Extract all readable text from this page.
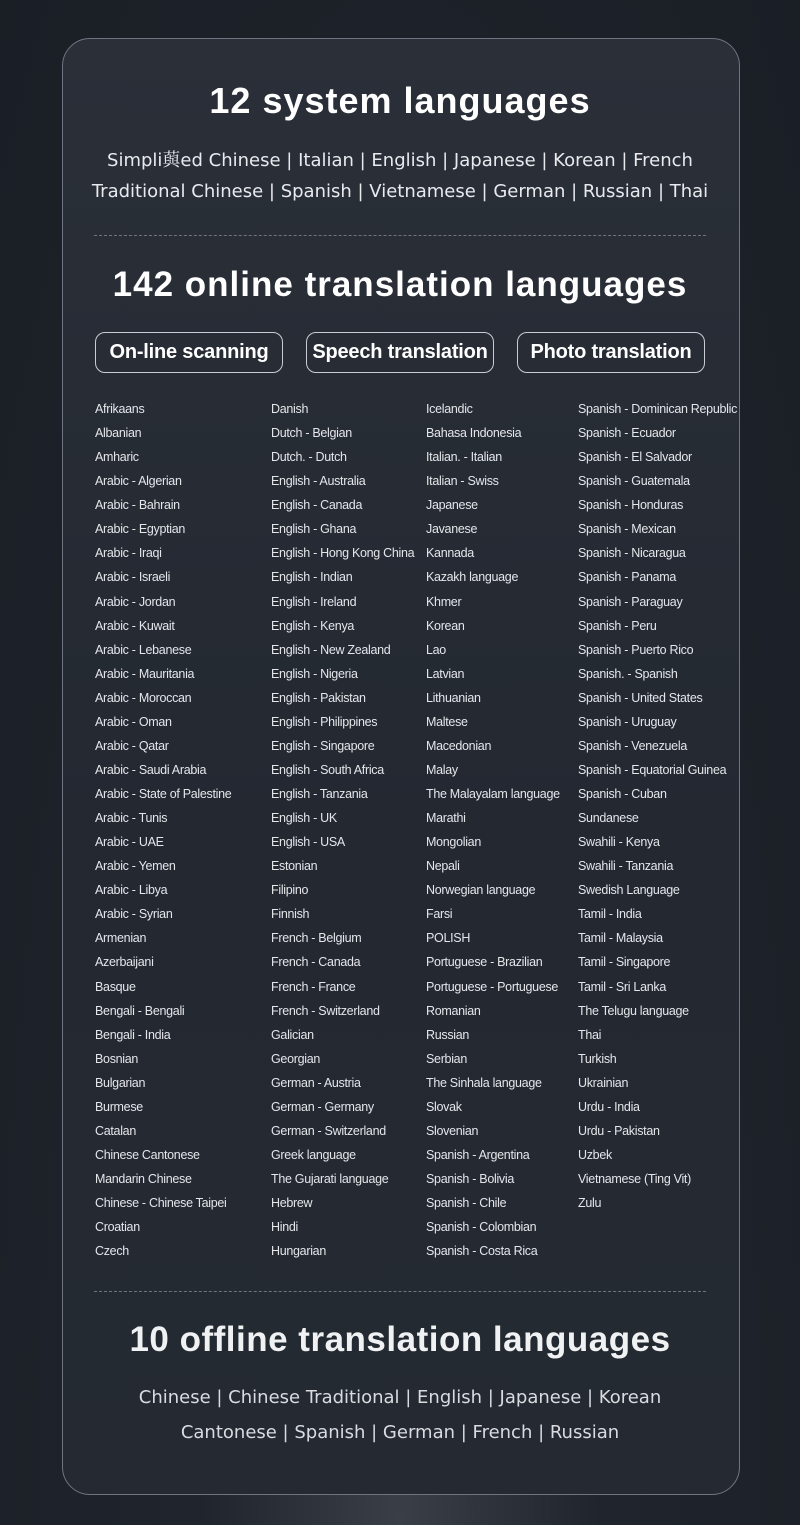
12 system languages
Simpli藇ed Chinese | Italian | English | Japanese | Korean | French
Traditional Chinese | Spanish | Vietnamese | German | Russian | Thai
142 online translation languages
On-line scanning	Speech translation	Photo translation
Afrikaans
Albanian
Amharic
Arabic - Algerian
Arabic - Bahrain
Arabic - Egyptian
Arabic - Iraqi
Arabic - Israeli
Arabic - Jordan
Arabic - Kuwait
Arabic - Lebanese
Arabic - Mauritania
Arabic - Moroccan
Arabic - Oman
Arabic - Qatar
Arabic - Saudi Arabia
Arabic - State of Palestine
Arabic - Tunis
Arabic - UAE
Arabic - Yemen
Arabic - Libya
Arabic - Syrian
Armenian
Azerbaijani
Basque
Bengali - Bengali
Bengali - India
Bosnian
Bulgarian
Burmese
Catalan
Chinese Cantonese
Mandarin Chinese
Chinese - Chinese Taipei
Croatian
Czech
Danish
Dutch - Belgian
Dutch. - Dutch
English - Australia
English - Canada
English - Ghana
English - Hong Kong China
English - Indian
English - Ireland
English - Kenya
English - New Zealand
English - Nigeria
English - Pakistan
English - Philippines
English - Singapore
English - South Africa
English - Tanzania
English - UK
English - USA
Estonian
Filipino
Finnish
French - Belgium
French - Canada
French - France
French - Switzerland
Galician
Georgian
German - Austria
German - Germany
German - Switzerland
Greek language
The Gujarati language
Hebrew
Hindi
Hungarian
Icelandic
Bahasa Indonesia
Italian. - Italian
Italian - Swiss
Japanese
Javanese
Kannada
Kazakh language
Khmer
Korean
Lao
Latvian
Lithuanian
Maltese
Macedonian
Malay
The Malayalam language
Marathi
Mongolian
Nepali
Norwegian language
Farsi
POLISH
Portuguese - Brazilian
Portuguese - Portuguese
Romanian
Russian
Serbian
The Sinhala language
Slovak
Slovenian
Spanish - Argentina
Spanish - Bolivia
Spanish - Chile
Spanish - Colombian
Spanish - Costa Rica
Spanish - Dominican Republic
Spanish - Ecuador
Spanish - El Salvador
Spanish - Guatemala
Spanish - Honduras
Spanish - Mexican
Spanish - Nicaragua
Spanish - Panama
Spanish - Paraguay
Spanish - Peru
Spanish - Puerto Rico
Spanish. - Spanish
Spanish - United States
Spanish - Uruguay
Spanish - Venezuela
Spanish - Equatorial Guinea
Spanish - Cuban
Sundanese
Swahili - Kenya
Swahili - Tanzania
Swedish Language
Tamil - India
Tamil - Malaysia
Tamil - Singapore
Tamil - Sri Lanka
The Telugu language
Thai
Turkish
Ukrainian
Urdu - India
Urdu - Pakistan
Uzbek
Vietnamese (Ting Vit)
Zulu
10 offline translation languages
Chinese | Chinese Traditional | English | Japanese | Korean
Cantonese | Spanish | German | French | Russian
